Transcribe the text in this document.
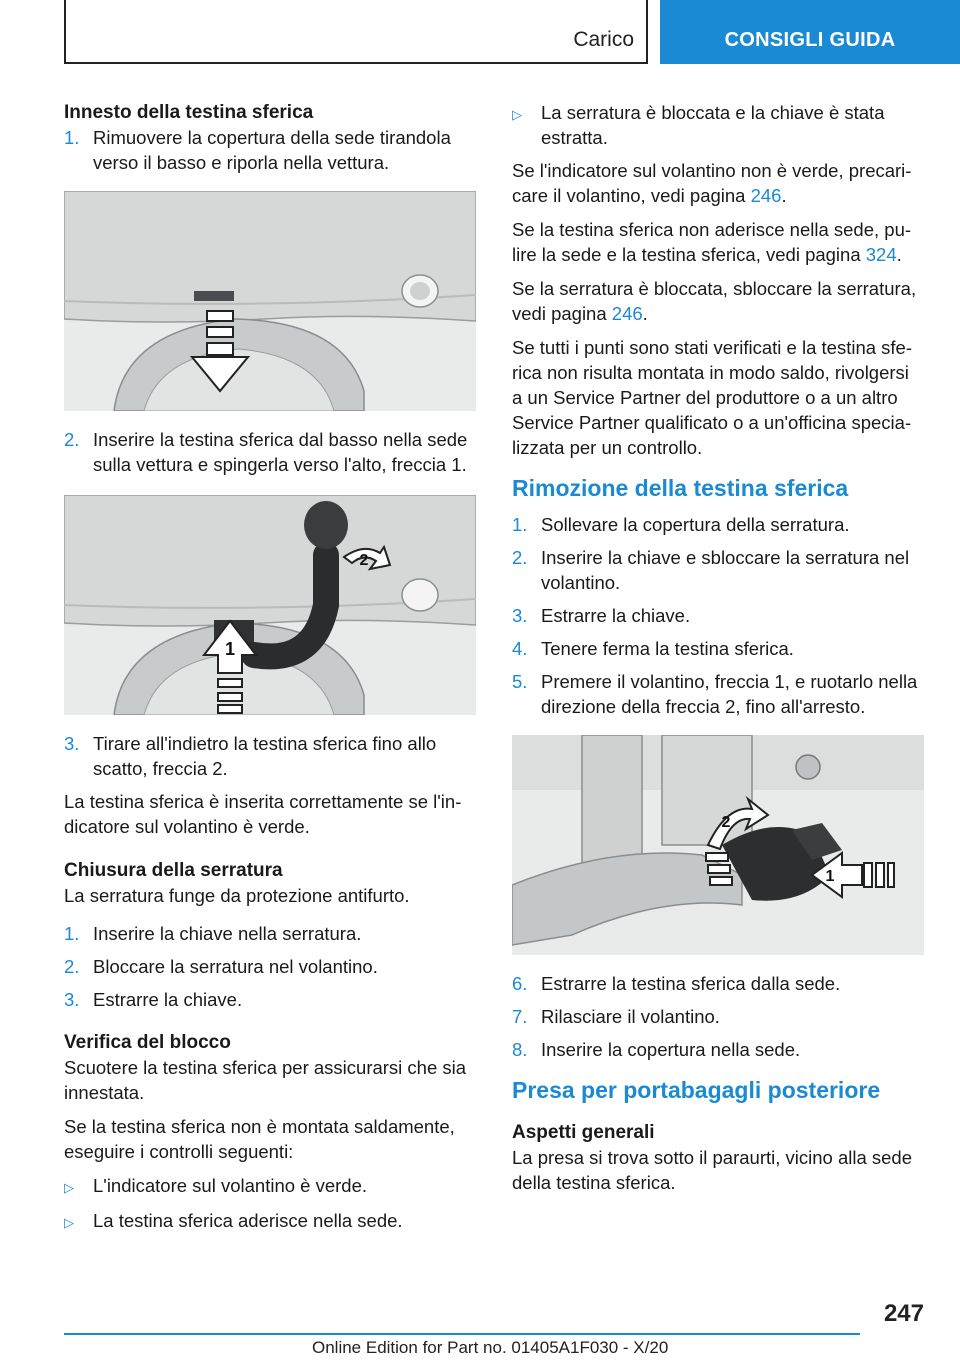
Carico	CONSIGLI GUIDA
Innesto della testina sferica
1. Rimuovere la copertura della sede tirandola verso il basso e riporla nella vettura.
2. Inserire la testina sferica dal basso nella sede sulla vettura e spingerla verso l'alto, freccia 1.
1
2
3. Tirare all'indietro la testina sferica fino allo scatto, freccia 2.
La testina sferica è inserita correttamente se l'indicatore sul volantino è verde.
Chiusura della serratura
La serratura funge da protezione antifurto.
1. Inserire la chiave nella serratura.
2. Bloccare la serratura nel volantino.
3. Estrarre la chiave.
Verifica del blocco
Scuotere la testina sferica per assicurarsi che sia innestata.
Se la testina sferica non è montata saldamente, eseguire i controlli seguenti:
▷	L'indicatore sul volantino è verde.
▷	La testina sferica aderisce nella sede.
▷	La serratura è bloccata e la chiave è stata estratta.
Se l'indicatore sul volantino non è verde, precaricare il volantino, vedi pagina 246.
Se la testina sferica non aderisce nella sede, pulire la sede e la testina sferica, vedi pagina 324.
Se la serratura è bloccata, sbloccare la serratura, vedi pagina 246.
Se tutti i punti sono stati verificati e la testina sferica non risulta montata in modo saldo, rivolgersi a un Service Partner del produttore o a un altro Service Partner qualificato o a un'officina specializzata per un controllo.
Rimozione della testina sferica
1. Sollevare la copertura della serratura.
2. Inserire la chiave e sbloccare la serratura nel volantino.
3. Estrarre la chiave.
4. Tenere ferma la testina sferica.
5. Premere il volantino, freccia 1, e ruotarlo nella direzione della freccia 2, fino all'arresto.
1
2
6. Estrarre la testina sferica dalla sede.
7. Rilasciare il volantino.
8. Inserire la copertura nella sede.
Presa per portabagagli posteriore
Aspetti generali
La presa si trova sotto il paraurti, vicino alla sede della testina sferica.
247
Online Edition for Part no. 01405A1F030 - X/20
